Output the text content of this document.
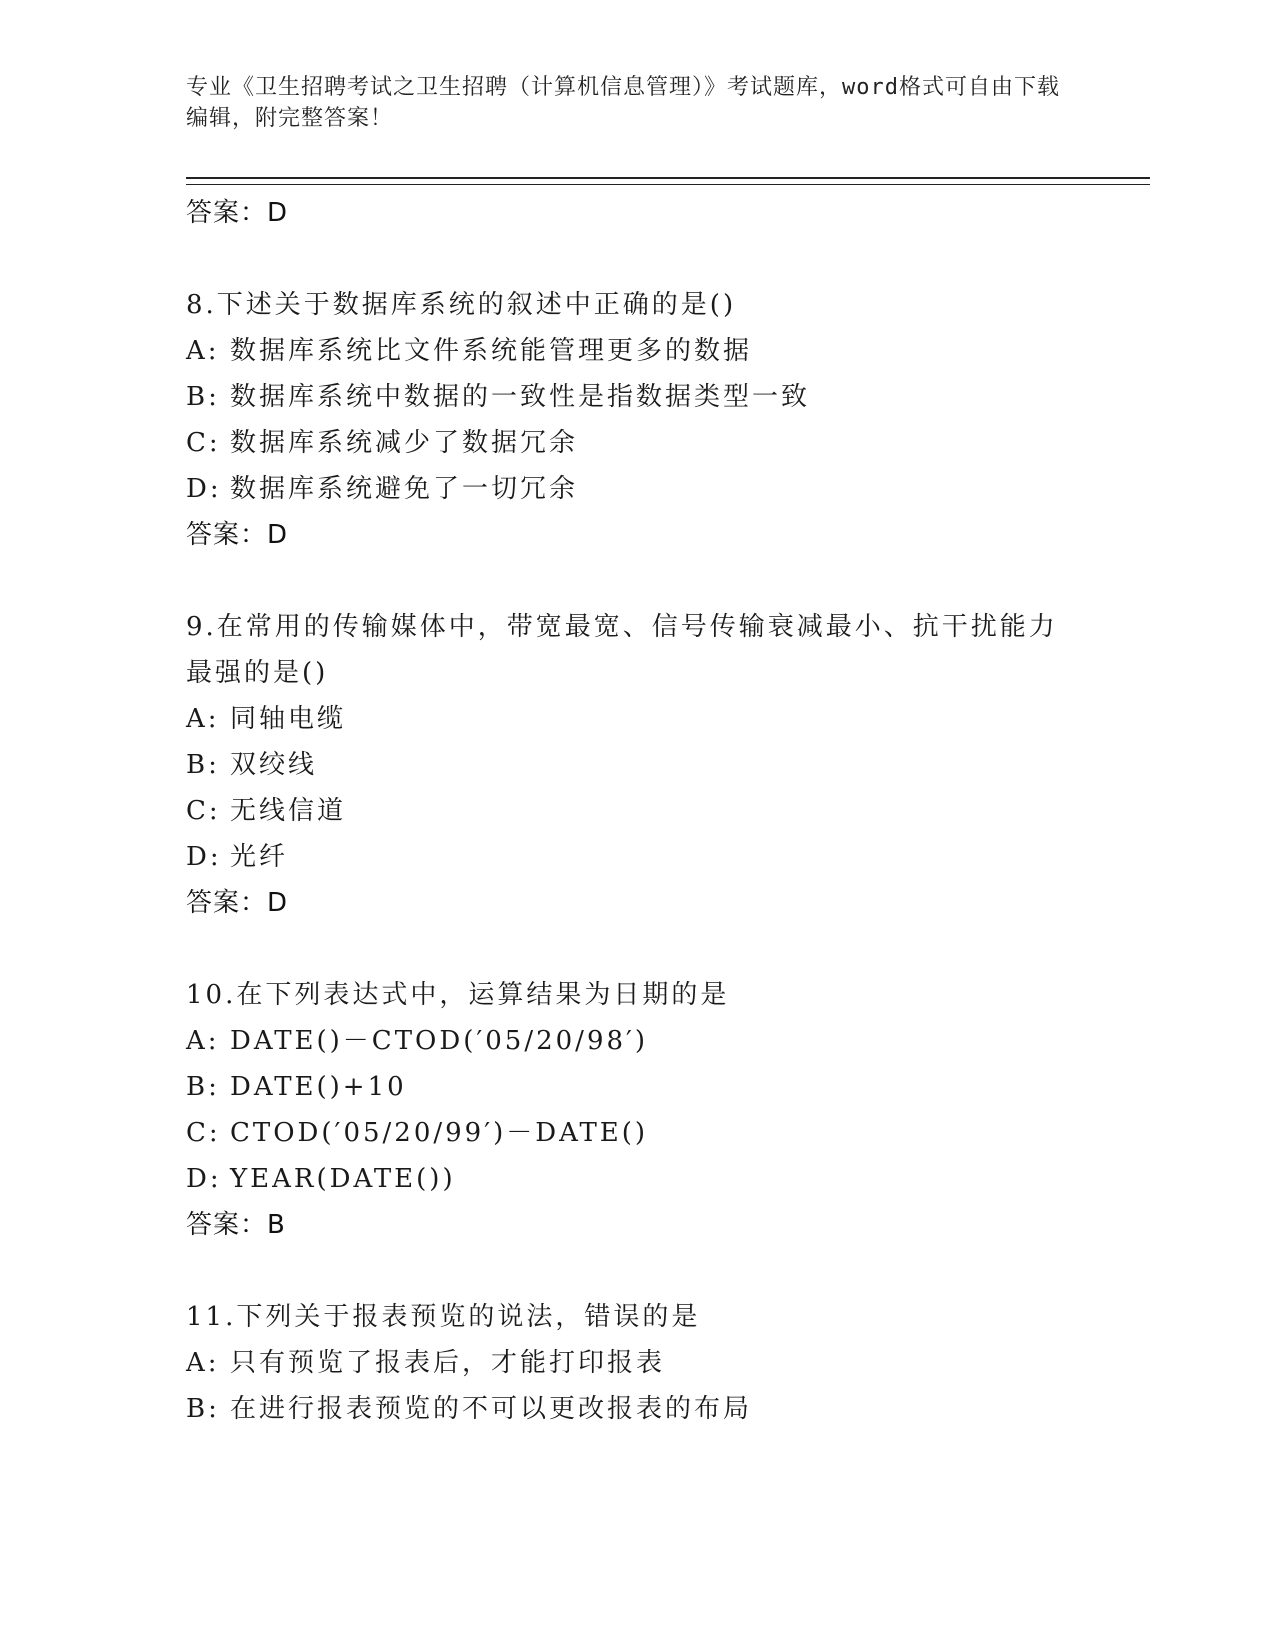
专业《卫生招聘考试之卫生招聘（计算机信息管理）》考试题库，word格式可自由下载编辑，附完整答案！
答案：D
8.下述关于数据库系统的叙述中正确的是()
A: 数据库系统比文件系统能管理更多的数据
B: 数据库系统中数据的一致性是指数据类型一致
C: 数据库系统减少了数据冗余
D: 数据库系统避免了一切冗余
答案：D
9.在常用的传输媒体中，带宽最宽、信号传输衰减最小、抗干扰能力最强的是()
A: 同轴电缆
B: 双绞线
C: 无线信道
D: 光纤
答案：D
10.在下列表达式中，运算结果为日期的是
A: DATE()－CTOD(′05/20/98′)
B: DATE()+10
C: CTOD(′05/20/99′)－DATE()
D: YEAR(DATE())
答案：B
11.下列关于报表预览的说法，错误的是
A: 只有预览了报表后，才能打印报表
B: 在进行报表预览的不可以更改报表的布局
